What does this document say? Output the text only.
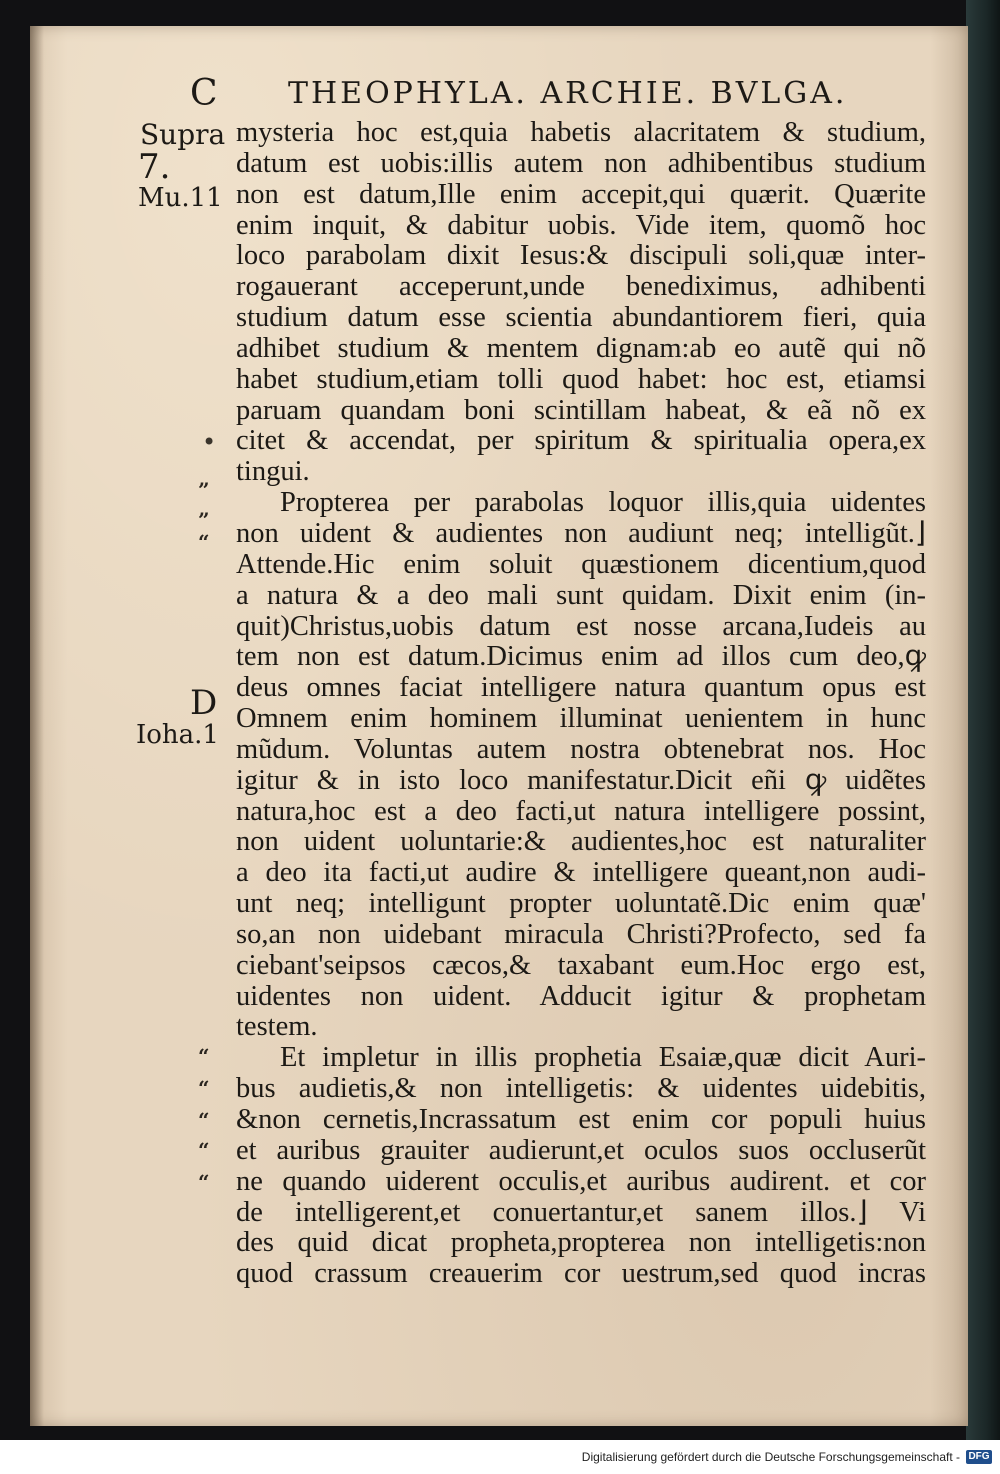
C THEOPHYLA. ARCHIE. BVLGA.
Supra
7.
Mu.11
•
D
Ioha.1
”
”
“
“
“
“
“
“
mysteria hoc est,quia habetis alacritatem & studium,
datum est uobis:illis autem non adhibentibus studium
non est datum,Ille enim accepit,qui quærit. Quærite
enim inquit, & dabitur uobis. Vide item, quomõ hoc
loco parabolam dixit Iesus:& discipuli soli,quæ inter-
rogauerant acceperunt,unde benediximus, adhibenti
studium datum esse scientia abundantiorem fieri, quia
adhibet studium & mentem dignam:ab eo autẽ qui nõ
habet studium,etiam tolli quod habet: hoc est, etiamsi
paruam quandam boni scintillam habeat, & eã nõ ex
citet & accendat, per spiritum & spiritualia opera,ex
tingui.
Propterea per parabolas loquor illis,quia uidentes
non uident & audientes non audiunt neq; intelligũt.⌋
Attende.Hic enim soluit quæstionem dicentium,quod
a natura & a deo mali sunt quidam. Dixit enim (in-
quit)Christus,uobis datum est nosse arcana,Iudeis au
tem non est datum.Dicimus enim ad illos cum deo,ꝙ
deus omnes faciat intelligere natura quantum opus est
Omnem enim hominem illuminat uenientem in hunc
mũdum. Voluntas autem nostra obtenebrat nos. Hoc
igitur & in isto loco manifestatur.Dicit eñi ꝙ uidẽtes
natura,hoc est a deo facti,ut natura intelligere possint,
non uident uoluntarie:& audientes,hoc est naturaliter
a deo ita facti,ut audire & intelligere queant,non audi-
unt neq; intelligunt propter uoluntatẽ.Dic enim quæ'
so,an non uidebant miracula Christi?Profecto, sed fa
ciebant'seipsos cæcos,& taxabant eum.Hoc ergo est,
uidentes non uident. Adducit igitur & prophetam
testem.
Et impletur in illis prophetia Esaiæ,quæ dicit Auri-
bus audietis,& non intelligetis: & uidentes uidebitis,
&non cernetis,Incrassatum est enim cor populi huius
et auribus grauiter audierunt,et oculos suos occluserũt
ne quando uiderent occulis,et auribus audirent. et cor
de intelligerent,et conuertantur,et sanem illos.⌋ Vi
des quid dicat propheta,propterea non intelligetis:non
quod crassum creauerim cor uestrum,sed quod incras
Digitalisierung gefördert durch die Deutsche Forschungsgemeinschaft - DFG
